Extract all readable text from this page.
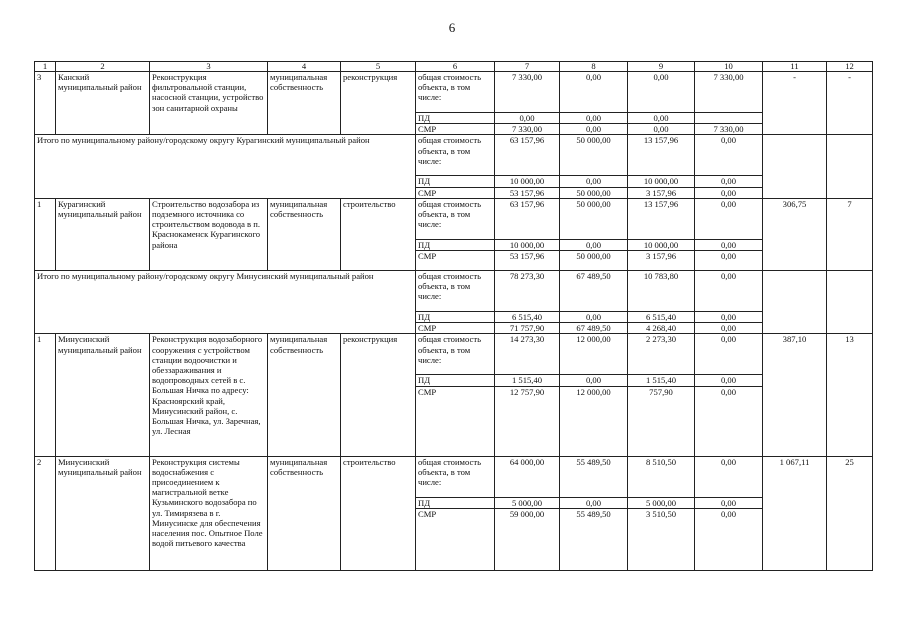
6
1	2	3	4	5	6	7	8	9	10	11	12
3	Канский муниципальный район	Реконструкция фильтровальной станции, насосной станции, устройство зон санитарной охраны	муниципальная собственность	реконструкция	общая стоимость объекта, в том числе:	7 330,00	0,00	0,00	7 330,00	-	-
					ПД	0,00	0,00	0,00			
					СМР	7 330,00	0,00	0,00	7 330,00		
Итого по муниципальному району/городскому округу Курагинский муниципальный район					общая стоимость объекта, в том числе:	63 157,96	50 000,00	13 157,96	0,00		
					ПД	10 000,00	0,00	10 000,00	0,00		
					СМР	53 157,96	50 000,00	3 157,96	0,00		
1	Курагинский муниципальный район	Строительство водозабора из подземного источника со строительством водовода в п. Краснокаменск Курагинского района	муниципальная собственность	строительство	общая стоимость объекта, в том числе:	63 157,96	50 000,00	13 157,96	0,00	306,75	7
					ПД	10 000,00	0,00	10 000,00	0,00		
					СМР	53 157,96	50 000,00	3 157,96	0,00		
Итого по муниципальному району/городскому округу Минусинский муниципальный район					общая стоимость объекта, в том числе:	78 273,30	67 489,50	10 783,80	0,00		
					ПД	6 515,40	0,00	6 515,40	0,00		
					СМР	71 757,90	67 489,50	4 268,40	0,00		
1	Минусинский муниципальный район	Реконструкция водозаборного сооружения с устройством станции водоочистки и обеззараживания и водопроводных сетей в с. Большая Ничка по адресу: Красноярский край, Минусинский район, с. Большая Ничка, ул. Заречная, ул. Лесная	муниципальная собственность	реконструкция	общая стоимость объекта, в том числе:	14 273,30	12 000,00	2 273,30	0,00	387,10	13
					ПД	1 515,40	0,00	1 515,40	0,00		
					СМР	12 757,90	12 000,00	757,90	0,00		
2	Минусинский муниципальный район	Реконструкция системы водоснабжения с присоединением к магистральной ветке Кузьминского водозабора по ул. Тимирязева в г. Минусинске для обеспечения населения пос. Опытное Поле водой питьевого качества	муниципальная собственность	строительство	общая стоимость объекта, в том числе:	64 000,00	55 489,50	8 510,50	0,00	1 067,11	25
					ПД	5 000,00	0,00	5 000,00	0,00		
					СМР	59 000,00	55 489,50	3 510,50	0,00		
